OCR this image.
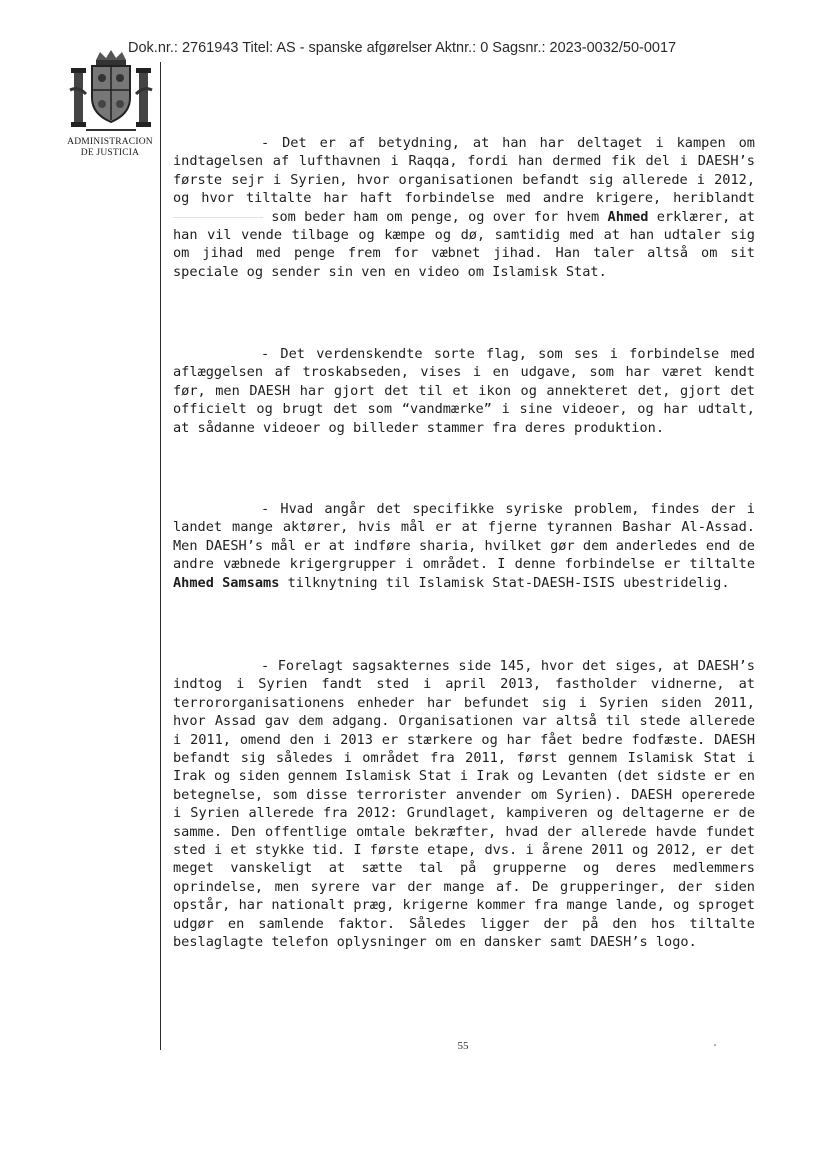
Dok.nr.: 2761943 Titel: AS - spanske afgørelser Aktnr.: 0 Sagsnr.: 2023-0032/50-0017
ADMINISTRACION
DE JUSTICIA

- Det er af betydning, at han har deltaget i kampen om indtagelsen af lufthavnen i Raqqa, fordi han dermed fik del i DAESH’s første sejr i Syrien, hvor organisationen befandt sig allerede i 2012, og hvor tiltalte har haft forbindelse med andre krigere, heriblandt  som beder ham om penge, og over for hvem Ahmed erklærer, at han vil vende tilbage og kæmpe og dø, samtidig med at han udtaler sig om jihad med penge frem for væbnet jihad. Han taler altså om sit speciale og sender sin ven en video om Islamisk Stat.

- Det verdenskendte sorte flag, som ses i forbindelse med aflæggelsen af troskabseden, vises i en udgave, som har været kendt før, men DAESH har gjort det til et ikon og annekteret det, gjort det officielt og brugt det som “vandmærke” i sine videoer, og har udtalt, at sådanne videoer og billeder stammer fra deres produktion.

- Hvad angår det specifikke syriske problem, findes der i landet mange aktører, hvis mål er at fjerne tyrannen Bashar Al-Assad. Men DAESH’s mål er at indføre sharia, hvilket gør dem anderledes end de andre væbnede krigergrupper i området. I denne forbindelse er tiltalte Ahmed Samsams tilknytning til Islamisk Stat-DAESH-ISIS ubestridelig.

- Forelagt sagsakternes side 145, hvor det siges, at DAESH’s indtog i Syrien fandt sted i april 2013, fastholder vidnerne, at terrororganisationens enheder har befundet sig i Syrien siden 2011, hvor Assad gav dem adgang. Organisationen var altså til stede allerede i 2011, omend den i 2013 er stærkere og har fået bedre fodfæste. DAESH befandt sig således i området fra 2011, først gennem Islamisk Stat i Irak og siden gennem Islamisk Stat i Irak og Levanten (det sidste er en betegnelse, som disse terrorister anvender om Syrien). DAESH opererede i Syrien allerede fra 2012: Grundlaget, kampiveren og deltagerne er de samme. Den offentlige omtale bekræfter, hvad der allerede havde fundet sted i et stykke tid. I første etape, dvs. i årene 2011 og 2012, er det meget vanskeligt at sætte tal på grupperne og deres medlemmers oprindelse, men syrere var der mange af. De grupperinger, der siden opstår, har nationalt præg, krigerne kommer fra mange lande, og sproget udgør en samlende faktor. Således ligger der på den hos tiltalte beslaglagte telefon oplysninger om en dansker samt DAESH’s logo.

55
